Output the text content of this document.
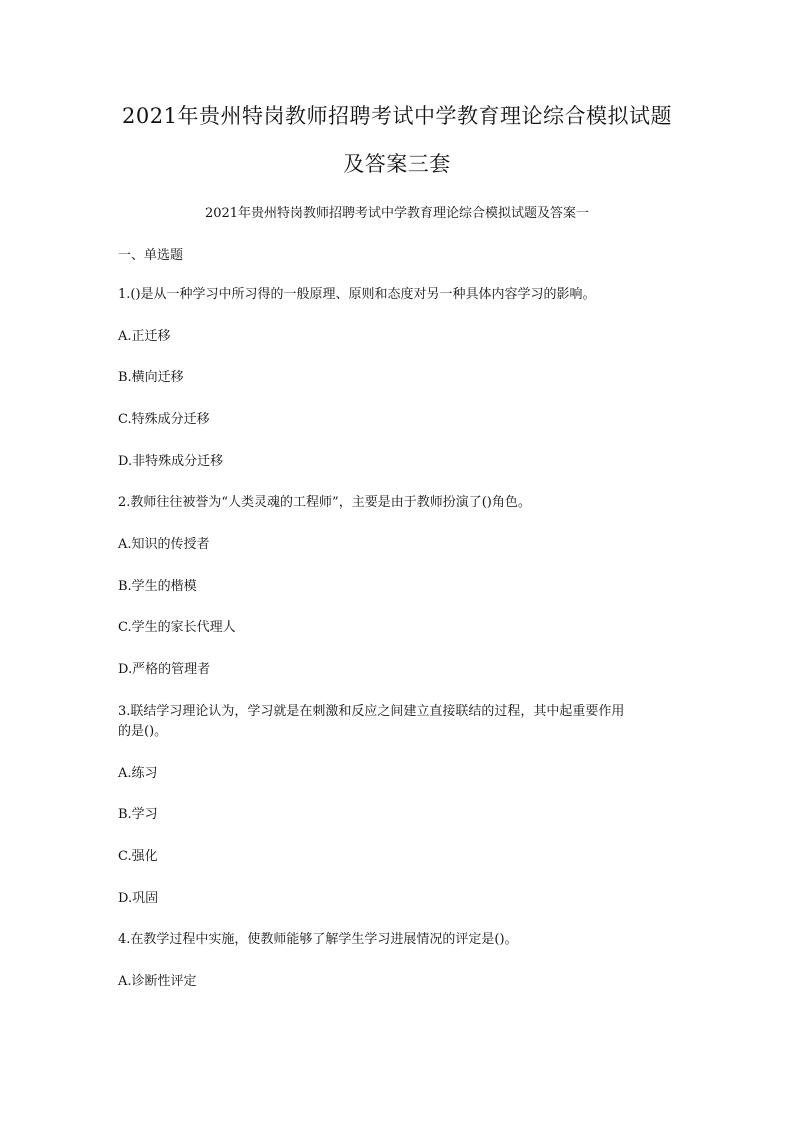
2021年贵州特岗教师招聘考试中学教育理论综合模拟试题
及答案三套
2021年贵州特岗教师招聘考试中学教育理论综合模拟试题及答案一
一、单选题
1.()是从一种学习中所习得的一般原理、原则和态度对另一种具体内容学习的影响。
A.正迁移
B.横向迁移
C.特殊成分迁移
D.非特殊成分迁移
2.教师往往被誉为“人类灵魂的工程师”，主要是由于教师扮演了()角色。
A.知识的传授者
B.学生的楷模
C.学生的家长代理人
D.严格的管理者
3.联结学习理论认为，学习就是在刺激和反应之间建立直接联结的过程，其中起重要作用
的是()。
A.练习
B.学习
C.强化
D.巩固
4.在教学过程中实施，使教师能够了解学生学习进展情况的评定是()。
A.诊断性评定
